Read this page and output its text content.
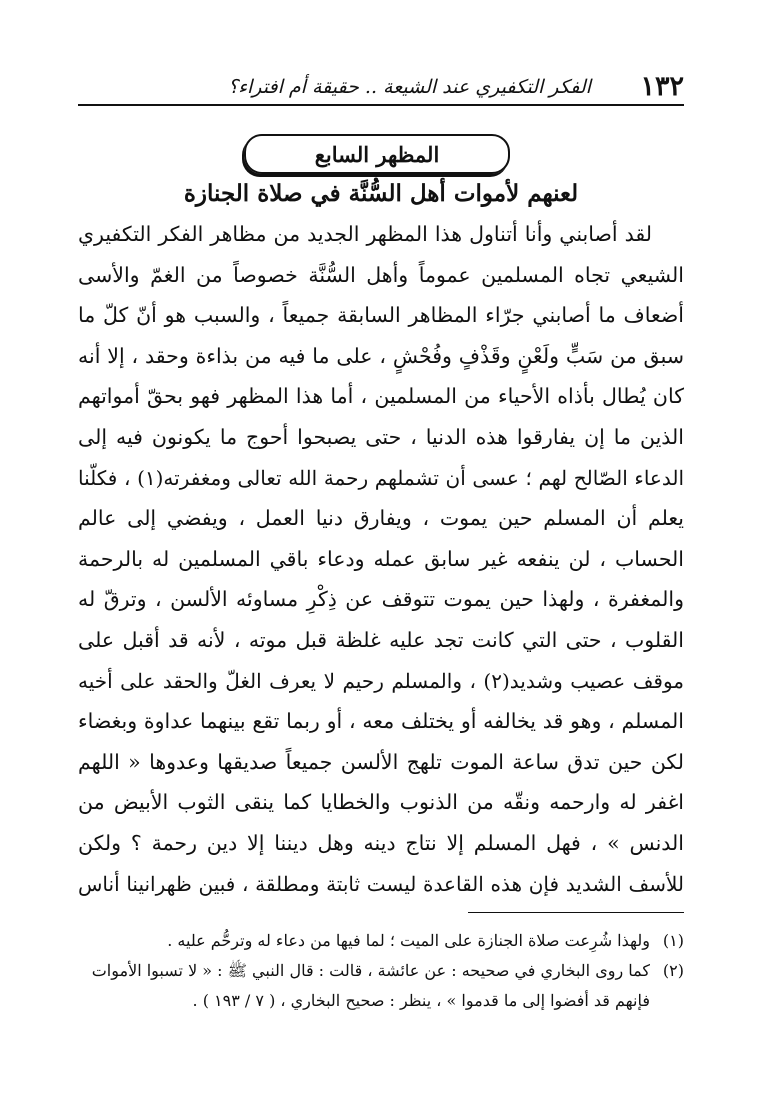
١٣٢
الفكر التكفيري عند الشيعة .. حقيقة أم افتراء؟
المظهر السابع
لعنهم لأموات أهل السُّنَّة في صلاة الجنازة
لقد أصابني وأنا أتناول هذا المظهر الجديد من مظاهر الفكر التكفيري
الشيعي تجاه المسلمين عموماً وأهل السُّنَّة خصوصاً من الغمّ والأسى
أضعاف ما أصابني جرّاء المظاهر السابقة جميعاً ، والسبب هو أنّ كلّ ما
سبق من سَبٍّ ولَعْنٍ وقَذْفٍ وفُحْشٍ ، على ما فيه من بذاءة وحقد ، إلا أنه
كان يُطال بأذاه الأحياء من المسلمين ، أما هذا المظهر فهو بحقّ أمواتهم
الذين ما إن يفارقوا هذه الدنيا ، حتى يصبحوا أحوج ما يكونون فيه إلى
الدعاء الصّالح لهم ؛ عسى أن تشملهم رحمة الله تعالى ومغفرته(١) ، فكلّنا
يعلم أن المسلم حين يموت ، ويفارق دنيا العمل ، ويفضي إلى عالم
الحساب ، لن ينفعه غير سابق عمله ودعاء باقي المسلمين له بالرحمة
والمغفرة ، ولهذا حين يموت تتوقف عن ذِكْرِ مساوئه الألسن ، وترقّ له
القلوب ، حتى التي كانت تجد عليه غلظة قبل موته ، لأنه قد أقبل على
موقف عصيب وشديد(٢) ، والمسلم رحيم لا يعرف الغلّ والحقد على أخيه
المسلم ، وهو قد يخالفه أو يختلف معه ، أو ربما تقع بينهما عداوة وبغضاء
لكن حين تدق ساعة الموت تلهج الألسن جميعاً صديقها وعدوها « اللهم
اغفر له وارحمه ونقّه من الذنوب والخطايا كما ينقى الثوب الأبيض من
الدنس » ، فهل المسلم إلا نتاج دينه وهل ديننا إلا دين رحمة ؟ ولكن
للأسف الشديد فإن هذه القاعدة ليست ثابتة ومطلقة ، فبين ظهرانينا أناس
(١)ولهذا شُرِعت صلاة الجنازة على الميت ؛ لما فيها من دعاء له وترحُّم عليه .
(٢)كما روى البخاري في صحيحه : عن عائشة ، قالت : قال النبي ﷺ : « لا تسبوا الأموات
فإنهم قد أفضوا إلى ما قدموا » ، ينظر : صحيح البخاري ، ( ٧ / ١٩٣ ) .
